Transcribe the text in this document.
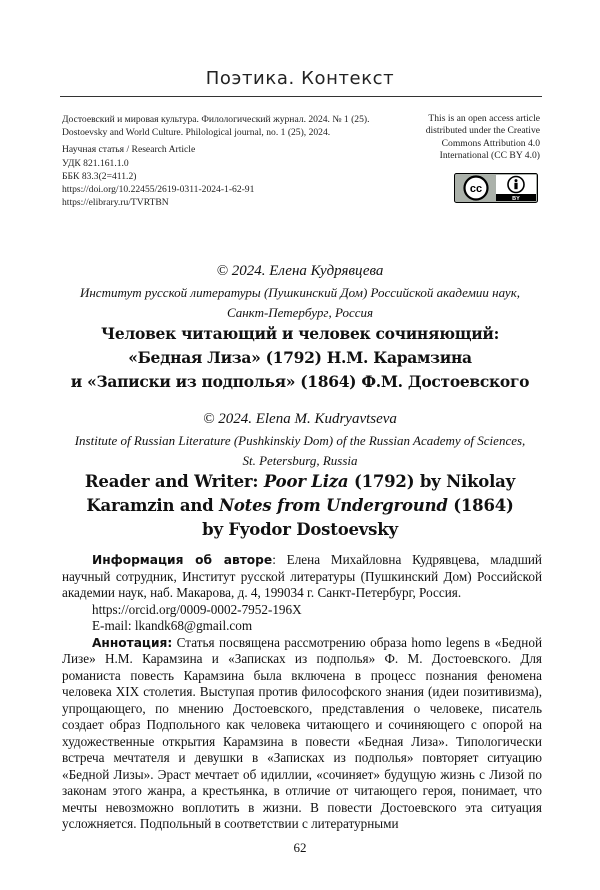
Поэтика. Контекст
Достоевский и мировая культура. Филологический журнал. 2024. № 1 (25).
Dostoevsky and World Culture. Philological journal, no. 1 (25), 2024.
Научная статья / Research Article
УДК 821.161.1.0
ББК 83.3(2=411.2)
https://doi.org/10.22455/2619-0311-2024-1-62-91
https://elibrary.ru/TVRTBN
This is an open access article
distributed under the Creative
Commons Attribution 4.0
International (CC BY 4.0)
cc
BY
© 2024. Елена Кудрявцева
Институт русской литературы (Пушкинский Дом) Российской академии наук,
Санкт-Петербург, Россия
Человек читающий и человек сочиняющий:
«Бедная Лиза» (1792) Н.М. Карамзина
и «Записки из подполья» (1864) Ф.М. Достоевского
© 2024. Elena M. Kudryavtseva
Institute of Russian Literature (Pushkinskiy Dom) of the Russian Academy of Sciences,
St. Petersburg, Russia
Reader and Writer: Poor Liza (1792) by Nikolay
Karamzin and Notes from Underground (1864)
by Fyodor Dostoevsky

Информация об авторе: Елена Михайловна Кудрявцева, младший научный сотрудник, Институт русской литературы (Пушкинский Дом) Российской академии наук, наб. Макарова, д. 4, 199034 г. Санкт-Петербург, Россия.

https://orcid.org/0009-0002-7952-196X

E-mail: lkandk68@gmail.com

Аннотация: Статья посвящена рассмотрению образа homo legens в «Бедной Лизе» Н.М. Карамзина и «Записках из подполья» Ф. М. Достоевского. Для романиста повесть Карамзина была включена в процесс познания феномена человека XIX столетия. Выступая против философского знания (идеи позитивизма), упрощающего, по мнению Достоевского, представления о человеке, писатель создает образ Подпольного как человека читающего и сочиняющего с опорой на художественные открытия Карамзина в повести «Бедная Лиза». Типологически встреча мечтателя и девушки в «Записках из подполья» повторяет ситуацию «Бедной Лизы». Эраст мечтает об идиллии, «сочиняет» будущую жизнь с Лизой по законам этого жанра, а крестьянка, в отличие от читающего героя, понимает, что мечты невозможно воплотить в жизни. В повести Достоевского эта ситуация усложняется. Подпольный в соответствии с литературными

62
